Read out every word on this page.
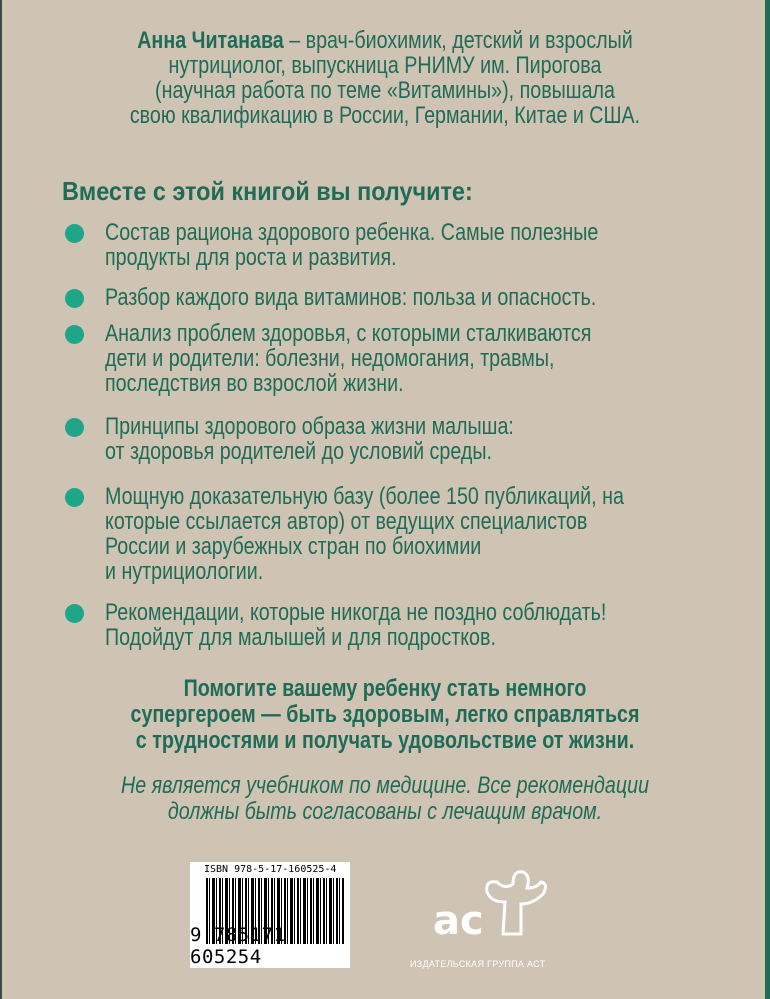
Анна Читанава – врач-биохимик, детский и взрослый
нутрициолог, выпускница РНИМУ им. Пирогова
(научная работа по теме «Витамины»), повышала
свою квалификацию в России, Германии, Китае и США.
Вместе с этой книгой вы получите:
Состав рациона здорового ребенка. Самые полезные
продукты для роста и развития.
Разбор каждого вида витаминов: польза и опасность.
Анализ проблем здоровья, с которыми сталкиваются
дети и родители: болезни, недомогания, травмы,
последствия во взрослой жизни.
Принципы здорового образа жизни малыша:
от здоровья родителей до условий среды.
Мощную доказательную базу (более 150 публикаций, на
которые ссылается автор) от ведущих специалистов
России и зарубежных стран по биохимии
и нутрициологии.
Рекомендации, которые никогда не поздно соблюдать!
Подойдут для малышей и для подростков.
Помогите вашему ребенку стать немного
супергероем — быть здоровым, легко справляться
с трудностями и получать удовольствие от жизни.
Не является учебником по медицине. Все рекомендации
должны быть согласованы с лечащим врачом.
ISBN 978-5-17-160525-4
9 785171 605254
ac
ИЗДАТЕЛЬСКАЯ ГРУППА АСТ
